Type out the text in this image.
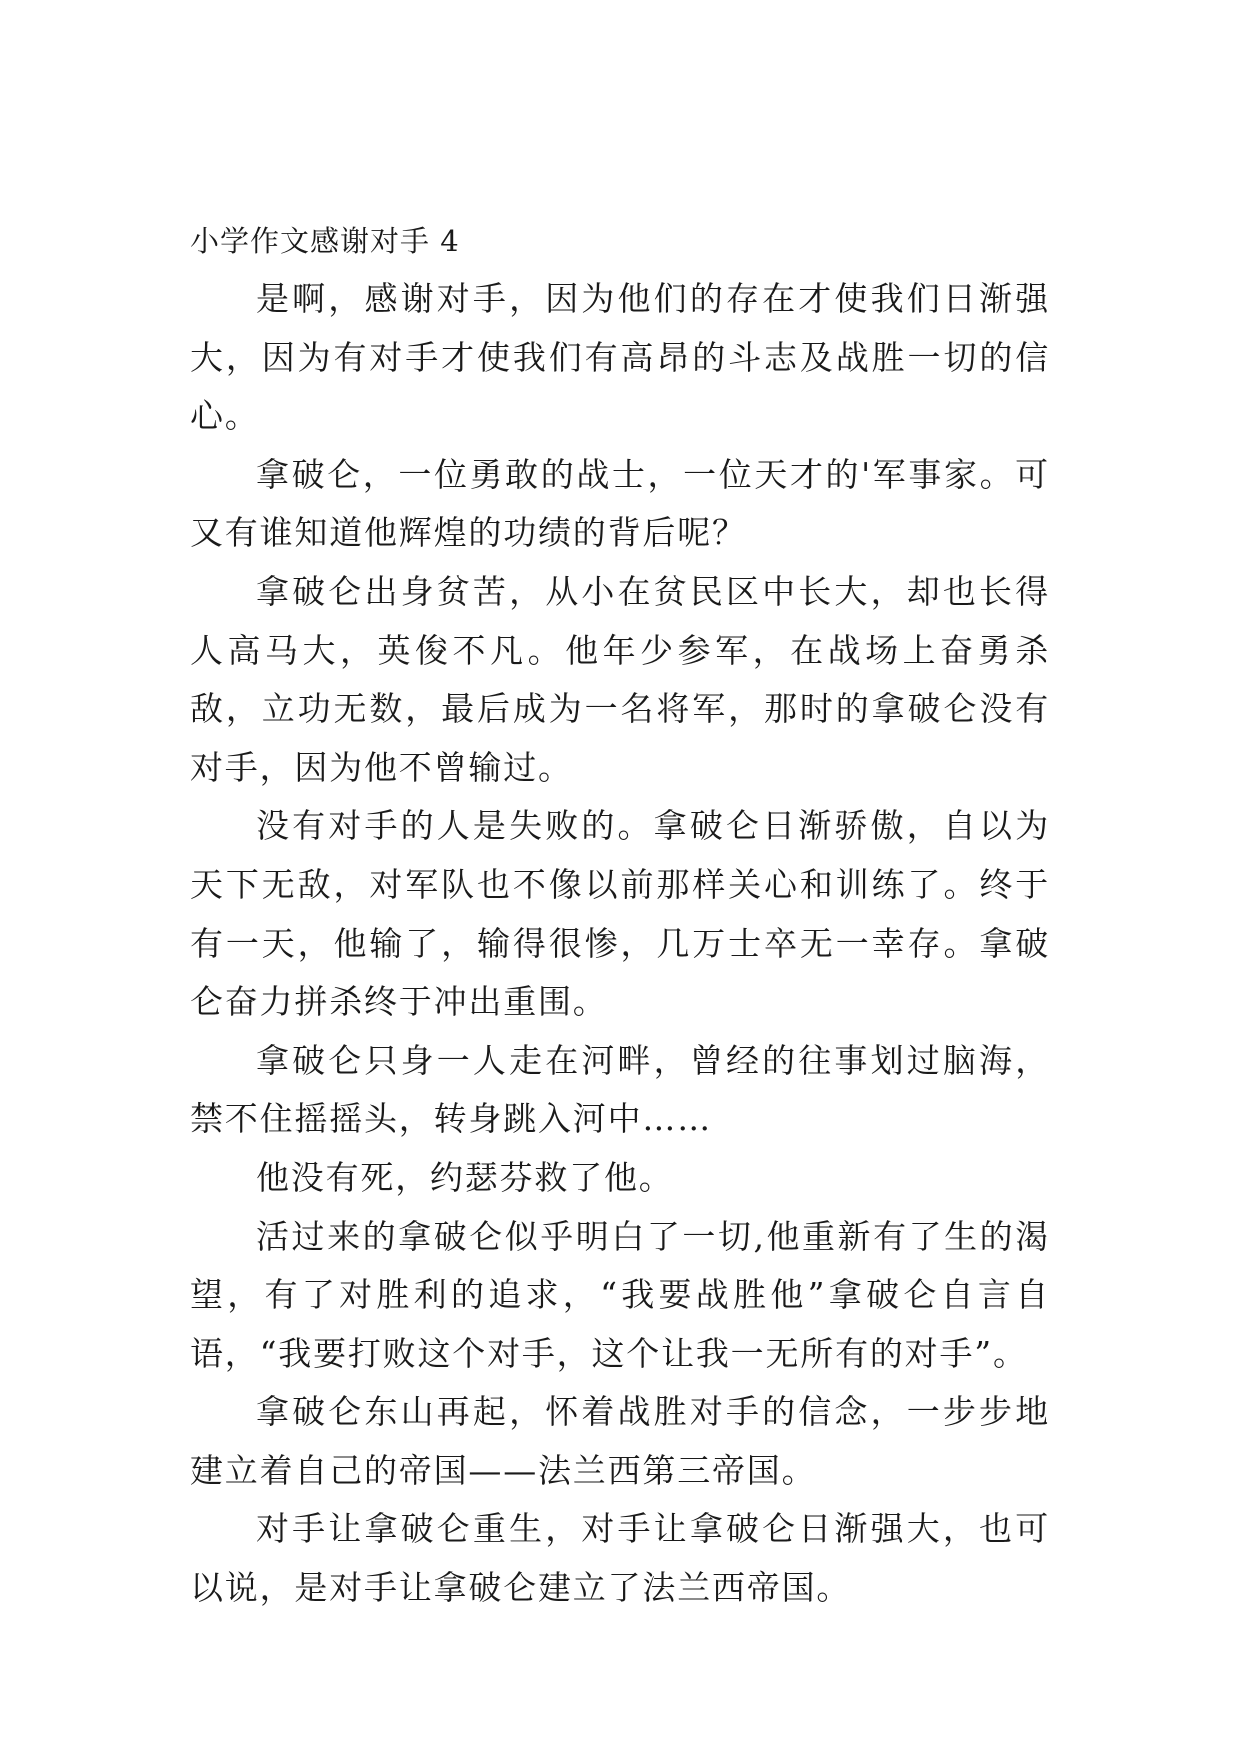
小学作文感谢对手 4

是啊，感谢对手，因为他们的存在才使我们日渐强大，因为有对手才使我们有高昂的斗志及战胜一切的信心。

拿破仑，一位勇敢的战士，一位天才的'军事家。可又有谁知道他辉煌的功绩的背后呢？

拿破仑出身贫苦，从小在贫民区中长大，却也长得人高马大，英俊不凡。他年少参军，在战场上奋勇杀敌，立功无数，最后成为一名将军，那时的拿破仑没有对手，因为他不曾输过。

没有对手的人是失败的。拿破仑日渐骄傲，自以为天下无敌，对军队也不像以前那样关心和训练了。终于有一天，他输了，输得很惨，几万士卒无一幸存。拿破仑奋力拼杀终于冲出重围。

拿破仑只身一人走在河畔，曾经的往事划过脑海，禁不住摇摇头，转身跳入河中……

他没有死，约瑟芬救了他。

活过来的拿破仑似乎明白了一切,他重新有了生的渴望，有了对胜利的追求，“我要战胜他”拿破仑自言自语，“我要打败这个对手，这个让我一无所有的对手”。

拿破仑东山再起，怀着战胜对手的信念，一步步地建立着自己的帝国——法兰西第三帝国。

对手让拿破仑重生，对手让拿破仑日渐强大，也可以说，是对手让拿破仑建立了法兰西帝国。
